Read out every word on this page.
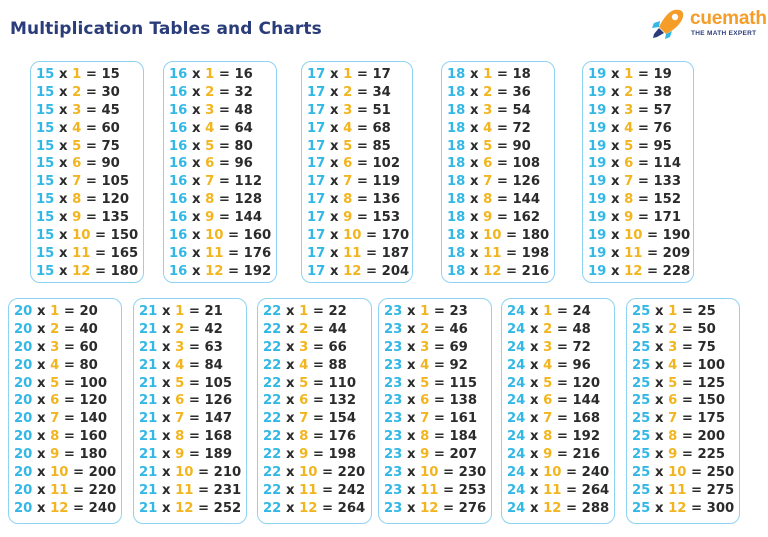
Multiplication Tables and Charts	cuemath
THE MATH EXPERT
15 x 1 = 15
15 x 2 = 30
15 x 3 = 45
15 x 4 = 60
15 x 5 = 75
15 x 6 = 90
15 x 7 = 105
15 x 8 = 120
15 x 9 = 135
15 x 10 = 150
15 x 11 = 165
15 x 12 = 180
16 x 1 = 16
16 x 2 = 32
16 x 3 = 48
16 x 4 = 64
16 x 5 = 80
16 x 6 = 96
16 x 7 = 112
16 x 8 = 128
16 x 9 = 144
16 x 10 = 160
16 x 11 = 176
16 x 12 = 192
17 x 1 = 17
17 x 2 = 34
17 x 3 = 51
17 x 4 = 68
17 x 5 = 85
17 x 6 = 102
17 x 7 = 119
17 x 8 = 136
17 x 9 = 153
17 x 10 = 170
17 x 11 = 187
17 x 12 = 204
18 x 1 = 18
18 x 2 = 36
18 x 3 = 54
18 x 4 = 72
18 x 5 = 90
18 x 6 = 108
18 x 7 = 126
18 x 8 = 144
18 x 9 = 162
18 x 10 = 180
18 x 11 = 198
18 x 12 = 216
19 x 1 = 19
19 x 2 = 38
19 x 3 = 57
19 x 4 = 76
19 x 5 = 95
19 x 6 = 114
19 x 7 = 133
19 x 8 = 152
19 x 9 = 171
19 x 10 = 190
19 x 11 = 209
19 x 12 = 228
20 x 1 = 20
20 x 2 = 40
20 x 3 = 60
20 x 4 = 80
20 x 5 = 100
20 x 6 = 120
20 x 7 = 140
20 x 8 = 160
20 x 9 = 180
20 x 10 = 200
20 x 11 = 220
20 x 12 = 240
21 x 1 = 21
21 x 2 = 42
21 x 3 = 63
21 x 4 = 84
21 x 5 = 105
21 x 6 = 126
21 x 7 = 147
21 x 8 = 168
21 x 9 = 189
21 x 10 = 210
21 x 11 = 231
21 x 12 = 252
22 x 1 = 22
22 x 2 = 44
22 x 3 = 66
22 x 4 = 88
22 x 5 = 110
22 x 6 = 132
22 x 7 = 154
22 x 8 = 176
22 x 9 = 198
22 x 10 = 220
22 x 11 = 242
22 x 12 = 264
23 x 1 = 23
23 x 2 = 46
23 x 3 = 69
23 x 4 = 92
23 x 5 = 115
23 x 6 = 138
23 x 7 = 161
23 x 8 = 184
23 x 9 = 207
23 x 10 = 230
23 x 11 = 253
23 x 12 = 276
24 x 1 = 24
24 x 2 = 48
24 x 3 = 72
24 x 4 = 96
24 x 5 = 120
24 x 6 = 144
24 x 7 = 168
24 x 8 = 192
24 x 9 = 216
24 x 10 = 240
24 x 11 = 264
24 x 12 = 288
25 x 1 = 25
25 x 2 = 50
25 x 3 = 75
25 x 4 = 100
25 x 5 = 125
25 x 6 = 150
25 x 7 = 175
25 x 8 = 200
25 x 9 = 225
25 x 10 = 250
25 x 11 = 275
25 x 12 = 300
